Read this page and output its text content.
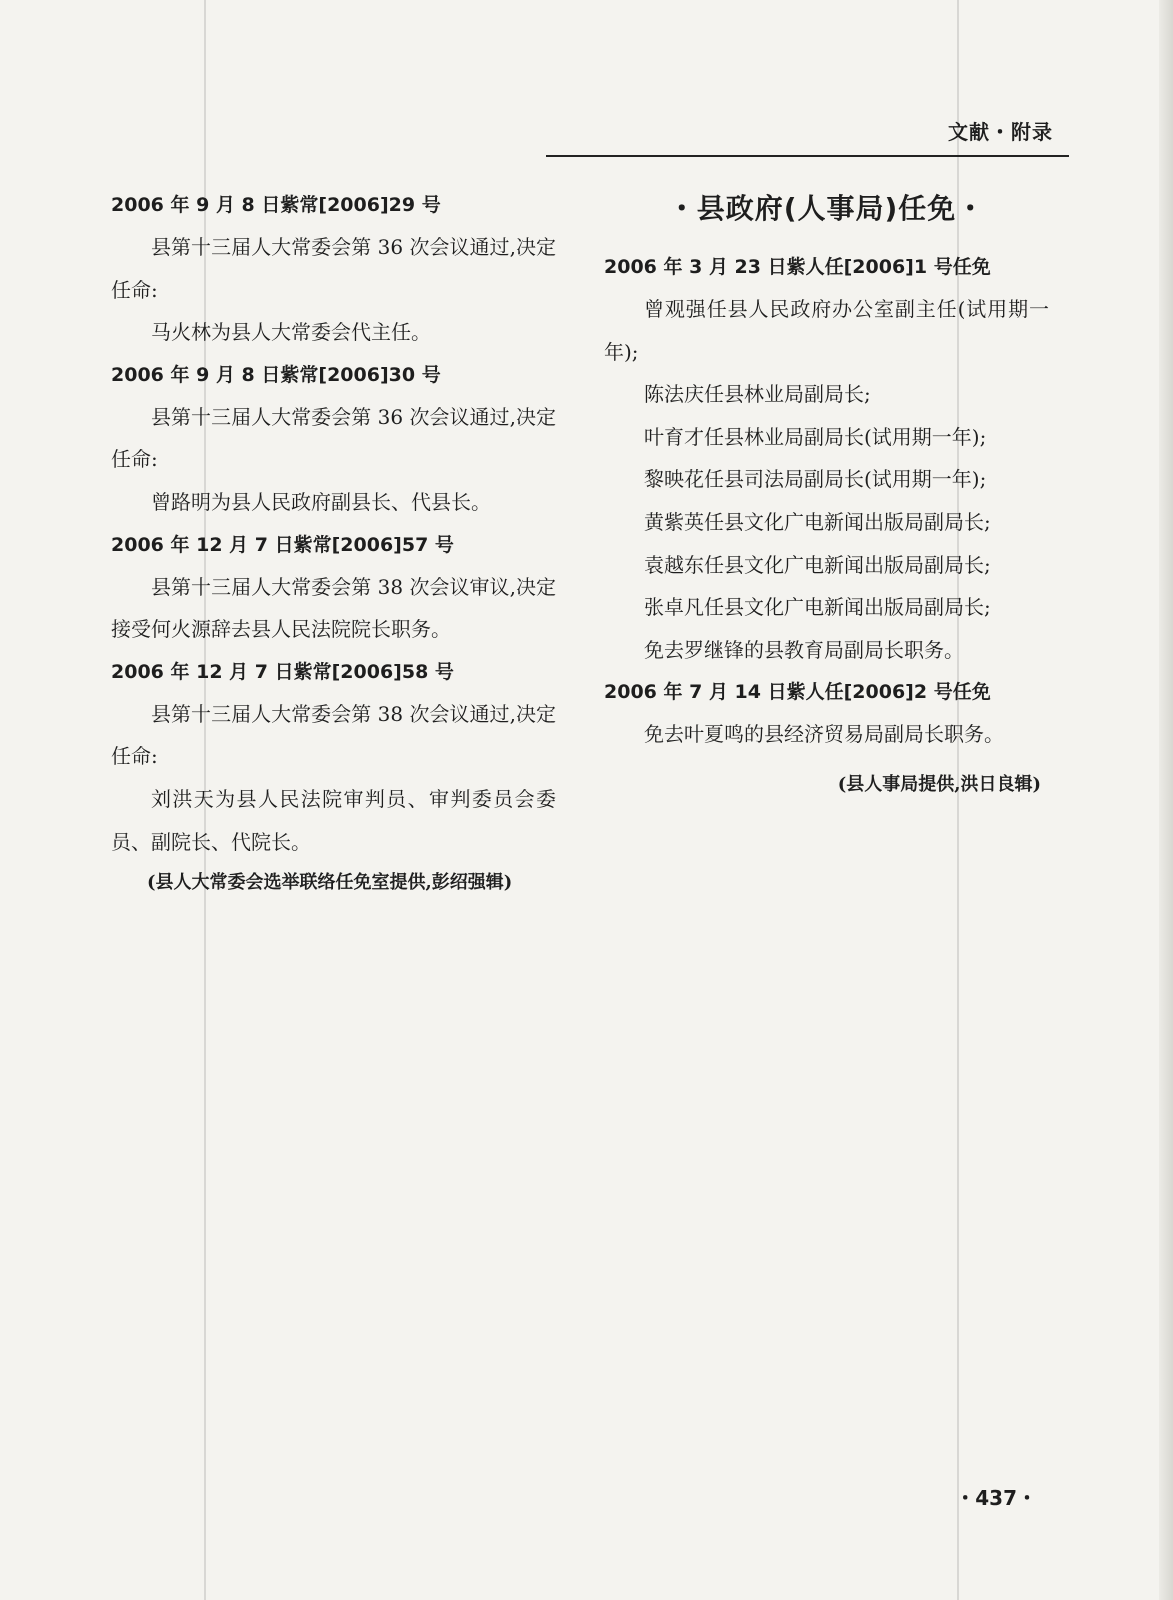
文献・附录

2006 年 9 月 8 日紫常[2006]29 号

县第十三届人大常委会第 36 次会议通过,决定任命:

马火林为县人大常委会代主任。

2006 年 9 月 8 日紫常[2006]30 号

县第十三届人大常委会第 36 次会议通过,决定任命:

曾路明为县人民政府副县长、代县长。

2006 年 12 月 7 日紫常[2006]57 号

县第十三届人大常委会第 38 次会议审议,决定接受何火源辞去县人民法院院长职务。

2006 年 12 月 7 日紫常[2006]58 号

县第十三届人大常委会第 38 次会议通过,决定任命:

刘洪天为县人民法院审判员、审判委员会委员、副院长、代院长。

(县人大常委会选举联络任免室提供,彭绍强辑)

・县政府(人事局)任免・

2006 年 3 月 23 日紫人任[2006]1 号任免

曾观强任县人民政府办公室副主任(试用期一年);

陈法庆任县林业局副局长;

叶育才任县林业局副局长(试用期一年);

黎映花任县司法局副局长(试用期一年);

黄紫英任县文化广电新闻出版局副局长;

袁越东任县文化广电新闻出版局副局长;

张卓凡任县文化广电新闻出版局副局长;

免去罗继锋的县教育局副局长职务。

2006 年 7 月 14 日紫人任[2006]2 号任免

免去叶夏鸣的县经济贸易局副局长职务。

(县人事局提供,洪日良辑)

・437・
